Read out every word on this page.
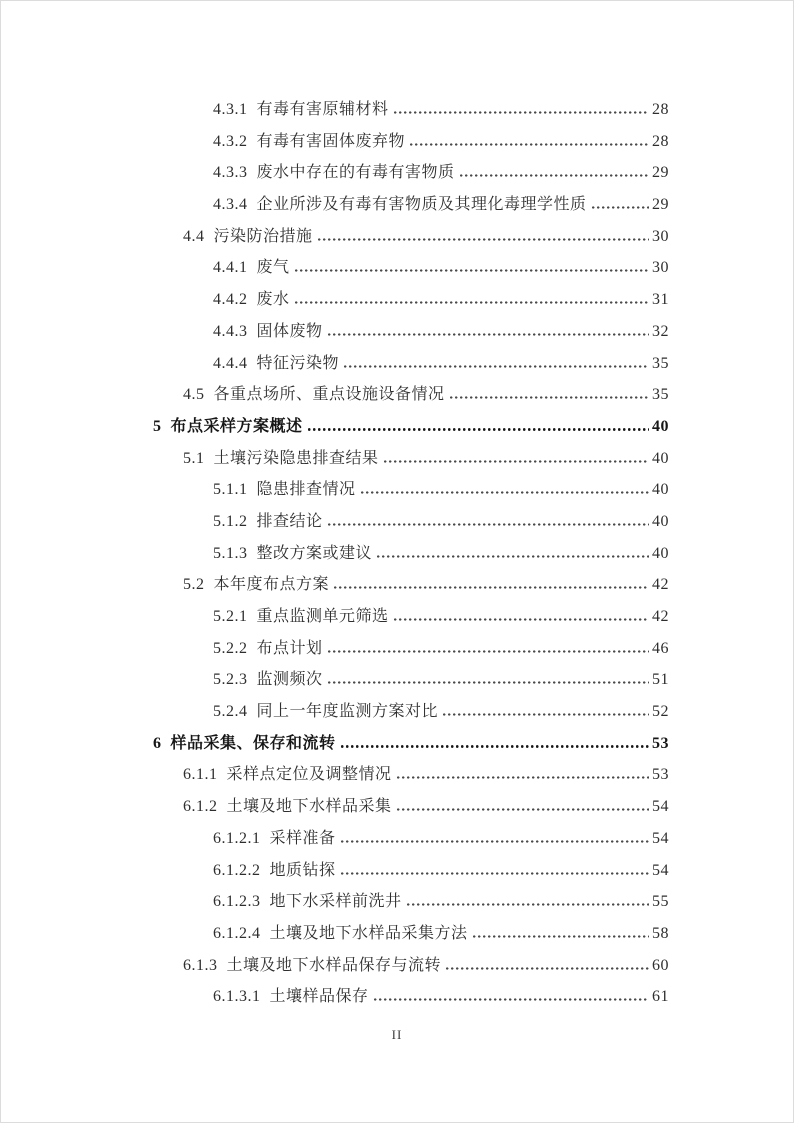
4.3.1 有毒有害原辅材料	28
4.3.2 有毒有害固体废弃物	28
4.3.3 废水中存在的有毒有害物质	29
4.3.4 企业所涉及有毒有害物质及其理化毒理学性质	29
4.4 污染防治措施	30
4.4.1 废气	30
4.4.2 废水	31
4.4.3 固体废物	32
4.4.4 特征污染物	35
4.5 各重点场所、重点设施设备情况	35
5 布点采样方案概述	40
5.1 土壤污染隐患排查结果	40
5.1.1 隐患排查情况	40
5.1.2 排查结论	40
5.1.3 整改方案或建议	40
5.2 本年度布点方案	42
5.2.1 重点监测单元筛选	42
5.2.2 布点计划	46
5.2.3 监测频次	51
5.2.4 同上一年度监测方案对比	52
6 样品采集、保存和流转	53
6.1.1 采样点定位及调整情况	53
6.1.2 土壤及地下水样品采集	54
6.1.2.1 采样准备	54
6.1.2.2 地质钻探	54
6.1.2.3 地下水采样前洗井	55
6.1.2.4 土壤及地下水样品采集方法	58
6.1.3 土壤及地下水样品保存与流转	60
6.1.3.1 土壤样品保存	61
II
